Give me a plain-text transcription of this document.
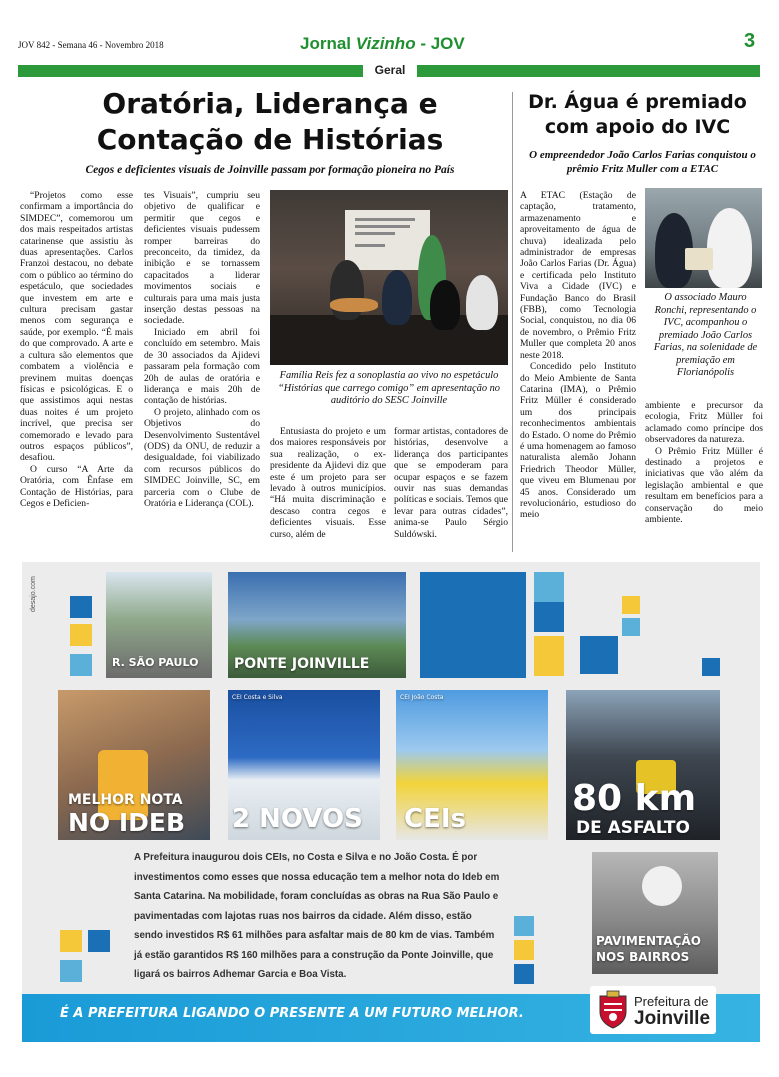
JOV 842 - Semana 46 - Novembro 2018	Jornal Vizinho - JOV	3
Geral
Oratória, Liderança e Contação de Histórias
Cegos e deficientes visuais de Joinville passam por formação pioneira no País

“Projetos como esse confirmam a importância do SIMDEC”, comemorou um dos mais respeitados artistas catarinense que assistiu às duas apresentações. Carlos Franzoi destacou, no debate com o público ao término do espetáculo, que sociedades que investem em arte e cultura precisam gastar menos com segurança e saúde, por exemplo. “É mais do que comprovado. A arte e a cultura são elementos que combatem a violência e previnem muitas doenças físicas e psicológicas. E o que assistimos aqui nestas duas noites é um projeto incrível, que precisa ser comemorado e levado para outros espaços públicos”, desafiou.

O curso “A Arte da Oratória, com Ênfase em Contação de Histórias, para Cegos e Deficien-

tes Visuais”, cumpriu seu objetivo de qualificar e permitir que cegos e deficientes visuais pudessem romper barreiras do preconceito, da timidez, da inibição e se tornassem capacitados a liderar movimentos sociais e culturais para uma mais justa inserção destas pessoas na sociedade.

Iniciado em abril foi concluído em setembro. Mais de 30 associados da Ajidevi passaram pela formação com 20h de aulas de oratória e liderança e mais 20h de contação de histórias.

O projeto, alinhado com os Objetivos do Desenvolvimento Sustentável (ODS) da ONU, de reduzir a desigualdade, foi viabilizado com recursos públicos do SIMDEC Joinville, SC, em parceria com o Clube de Oratória e Liderança (COL).

Família Reis fez a sonoplastia ao vivo no espetáculo “Histórias que carrego comigo” em apresentação no auditório do SESC Joinville

Entusiasta do projeto e um dos maiores responsáveis por sua realização, o ex-presidente da Ajidevi diz que este é um projeto para ser levado à outros municípios. “Há muita discriminação e descaso contra cegos e deficientes visuais. Esse curso, além de

formar artistas, contadores de histórias, desenvolve a liderança dos participantes que se empoderam para ocupar espaços e se fazem ouvir nas suas demandas políticas e sociais. Temos que levar para outras cidades”, anima-se Paulo Sérgio Suldówski.

Dr. Água é premiado com apoio do IVC
O empreendedor João Carlos Farias conquistou o prêmio Fritz Muller com a ETAC

A ETAC (Estação de captação, tratamento, armazenamento e aproveitamento de água de chuva) idealizada pelo administrador de empresas João Carlos Farias (Dr. Água) e certificada pelo Instituto Viva a Cidade (IVC) e Fundação Banco do Brasil (FBB), como Tecnologia Social, conquistou, no dia 06 de novembro, o Prêmio Fritz Muller que completa 20 anos neste 2018.

Concedido pelo Instituto do Meio Ambiente de Santa Catarina (IMA), o Prêmio Fritz Müller é considerado um dos principais reconhecimentos ambientais do Estado. O nome do Prêmio é uma homenagem ao famoso naturalista alemão Johann Friedrich Theodor Müller, que viveu em Blumenau por 45 anos. Considerado um revolucionário, estudioso do meio

O associado Mauro Ronchi, representando o IVC, acompanhou o premiado João Carlos Farias, na solenidade de premiação em Florianópolis

ambiente e precursor da ecologia, Fritz Müller foi aclamado como príncipe dos observadores da natureza.

O Prêmio Fritz Müller é destinado a projetos e iniciativas que vão além da legislação ambiental e que resultam em benefícios para a conservação do meio ambiente.

desajo.com
R. SÃO PAULO	PONTE JOINVILLE
MELHOR NOTA
NO IDEB
CEI Costa e Silva
2 NOVOS
CEI João Costa
CEIs	80 km
DE ASFALTO
PAVIMENTAÇÃO
NOS BAIRROS
A Prefeitura inaugurou dois CEIs, no Costa e Silva e no João Costa. É por investimentos como esses que nossa educação tem a melhor nota do Ideb em Santa Catarina. Na mobilidade, foram concluídas as obras na Rua São Paulo e pavimentadas com lajotas ruas nos bairros da cidade. Além disso, estão sendo investidos R$ 61 milhões para asfaltar mais de 80 km de vias. Também já estão garantidos R$ 160 milhões para a construção da Ponte Joinville, que ligará os bairros Adhemar Garcia e Boa Vista.
É A PREFEITURA LIGANDO O PRESENTE A UM FUTURO MELHOR.
Prefeitura de
Joinville
